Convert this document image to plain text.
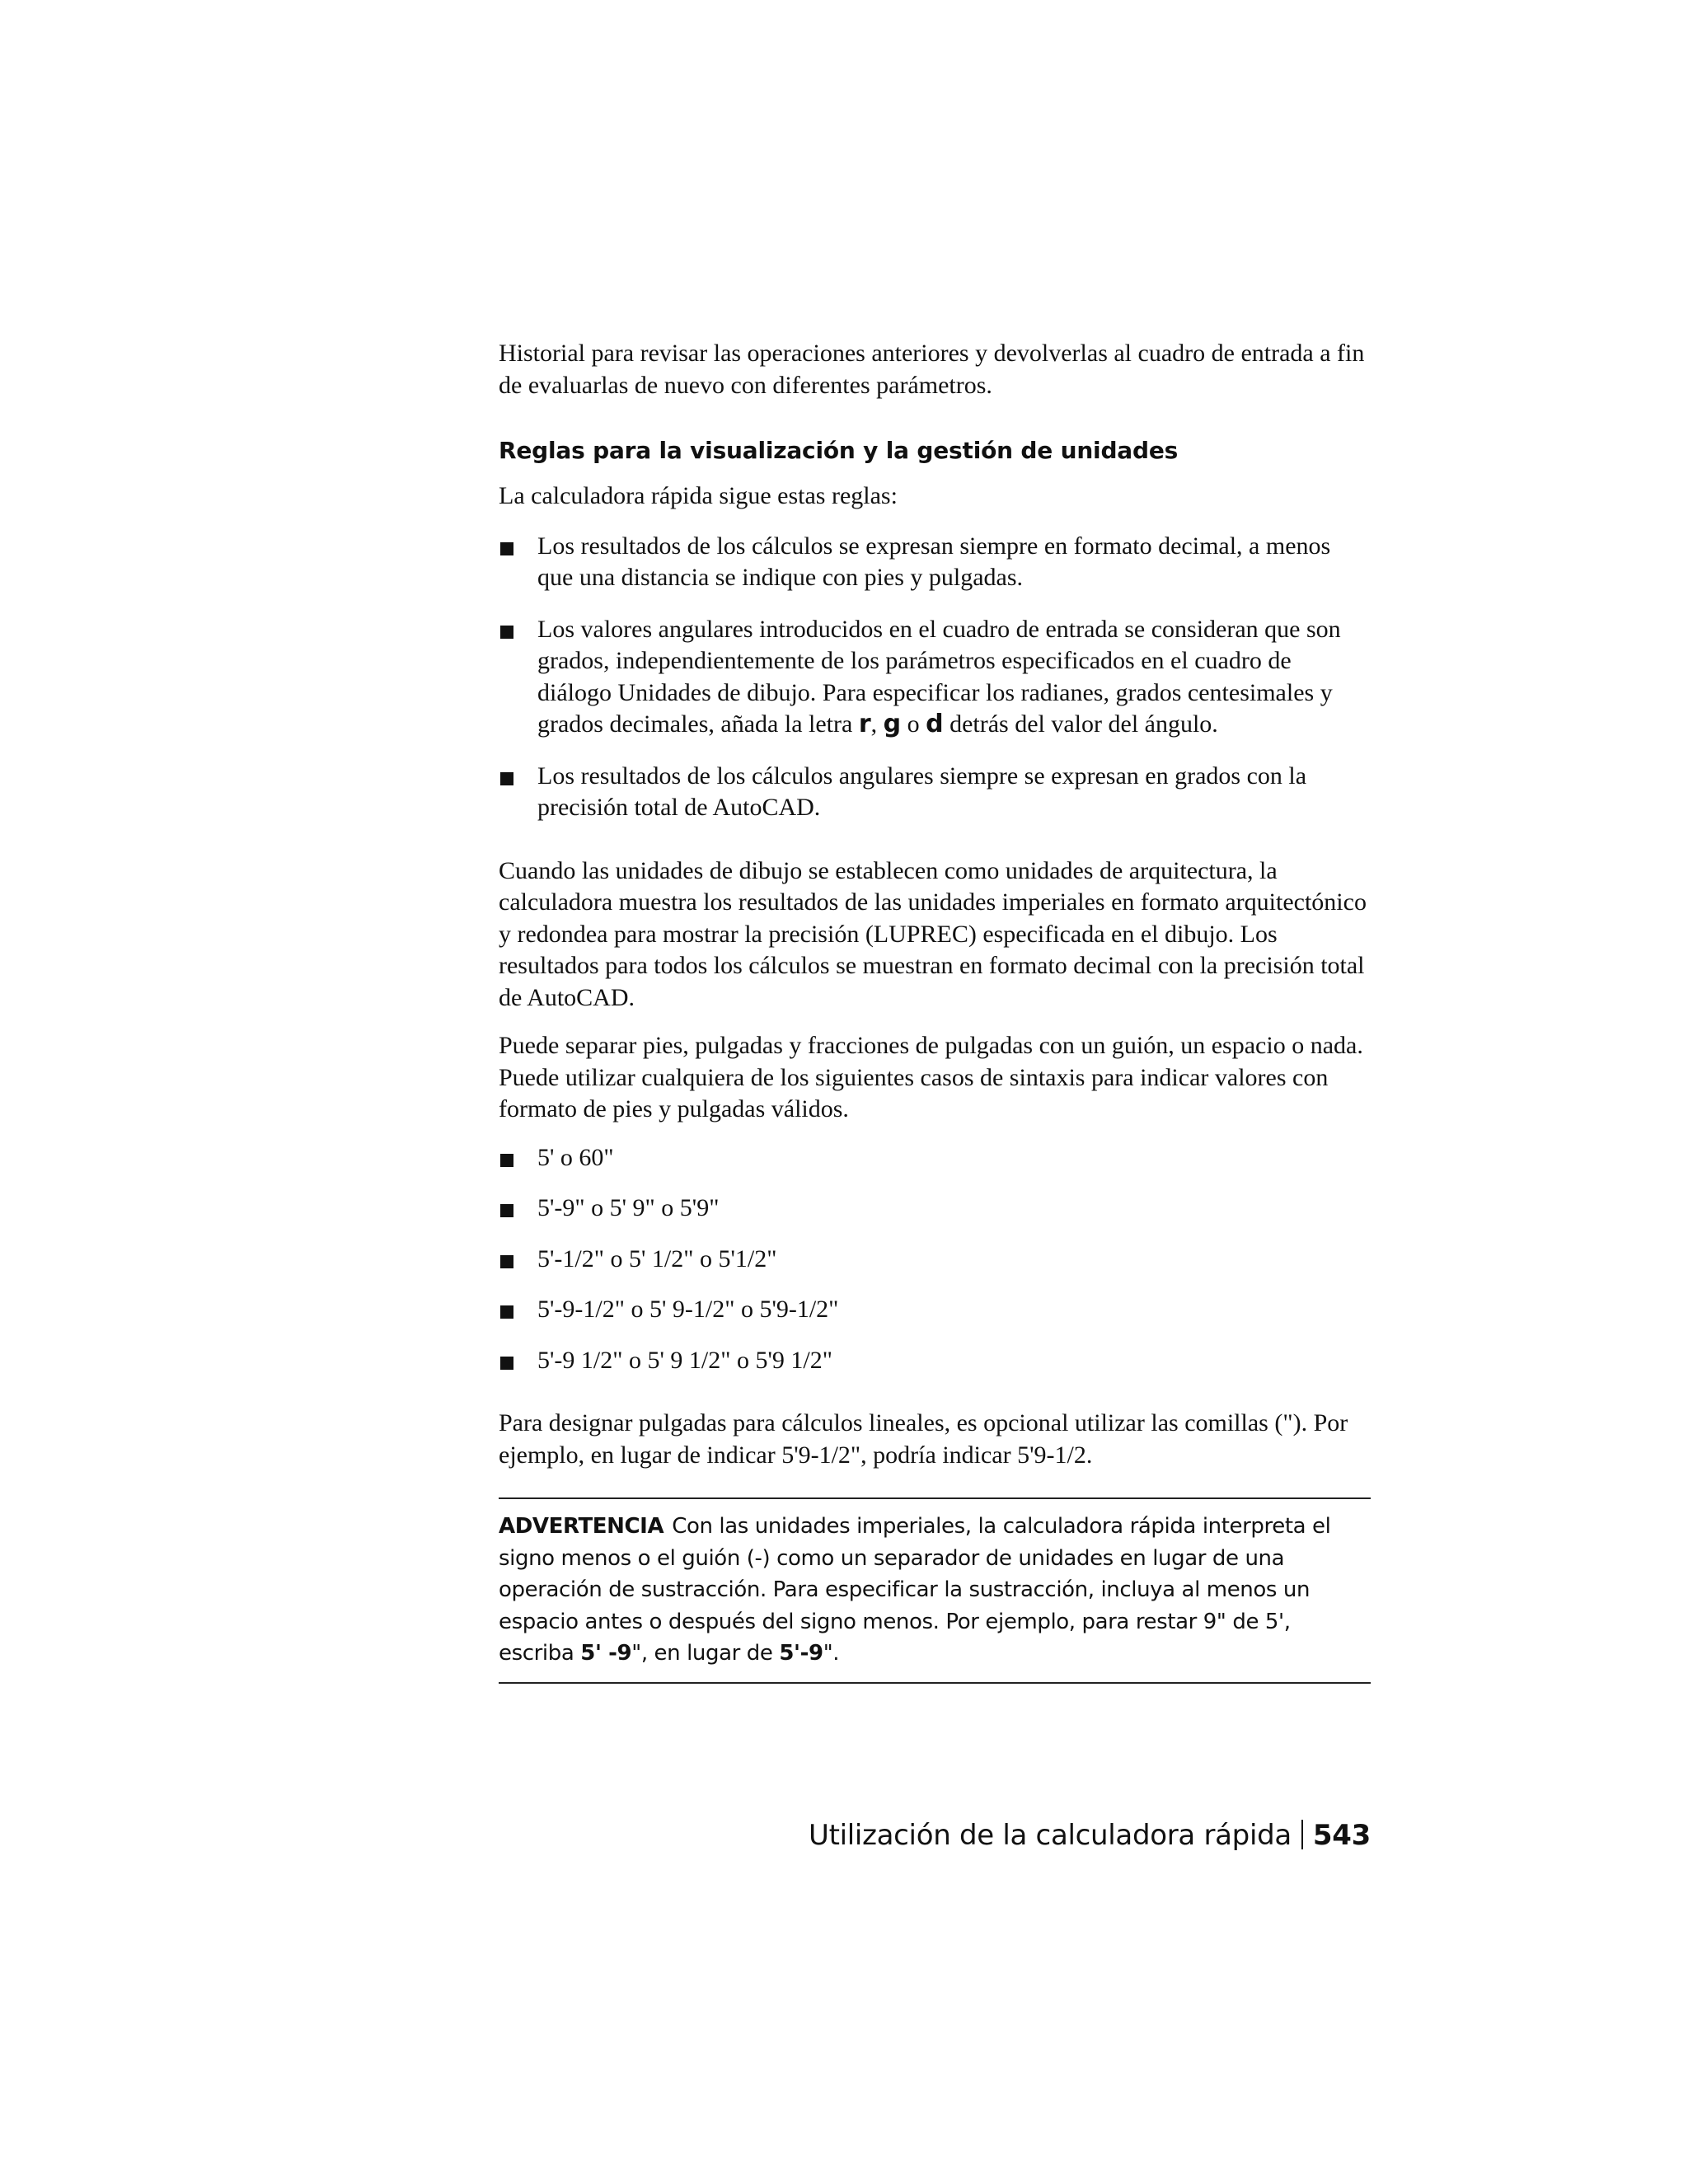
Historial para revisar las operaciones anteriores y devolverlas al cuadro de entrada a fin de evaluarlas de nuevo con diferentes parámetros.

Reglas para la visualización y la gestión de unidades

La calculadora rápida sigue estas reglas:

Los resultados de los cálculos se expresan siempre en formato decimal, a menos que una distancia se indique con pies y pulgadas.
Los valores angulares introducidos en el cuadro de entrada se consideran que son grados, independientemente de los parámetros especificados en el cuadro de diálogo Unidades de dibujo. Para especificar los radianes, grados centesimales y grados decimales, añada la letra r, g o d detrás del valor del ángulo.
Los resultados de los cálculos angulares siempre se expresan en grados con la precisión total de AutoCAD.

Cuando las unidades de dibujo se establecen como unidades de arquitectura, la calculadora muestra los resultados de las unidades imperiales en formato arquitectónico y redondea para mostrar la precisión (LUPREC) especificada en el dibujo. Los resultados para todos los cálculos se muestran en formato decimal con la precisión total de AutoCAD.

Puede separar pies, pulgadas y fracciones de pulgadas con un guión, un espacio o nada. Puede utilizar cualquiera de los siguientes casos de sintaxis para indicar valores con formato de pies y pulgadas válidos.

5' o 60"
5'-9" o 5' 9" o 5'9"
5'-1/2" o 5' 1/2" o 5'1/2"
5'-9-1/2" o 5' 9-1/2" o 5'9-1/2"
5'-9 1/2" o 5' 9 1/2" o 5'9 1/2"

Para designar pulgadas para cálculos lineales, es opcional utilizar las comillas ("). Por ejemplo, en lugar de indicar 5'9-1/2", podría indicar 5'9-1/2.

ADVERTENCIA Con las unidades imperiales, la calculadora rápida interpreta el signo menos o el guión (-) como un separador de unidades en lugar de una operación de sustracción. Para especificar la sustracción, incluya al menos un espacio antes o después del signo menos. Por ejemplo, para restar 9" de 5', escriba 5' -9", en lugar de 5'-9".
Utilización de la calculadora rápida 543
